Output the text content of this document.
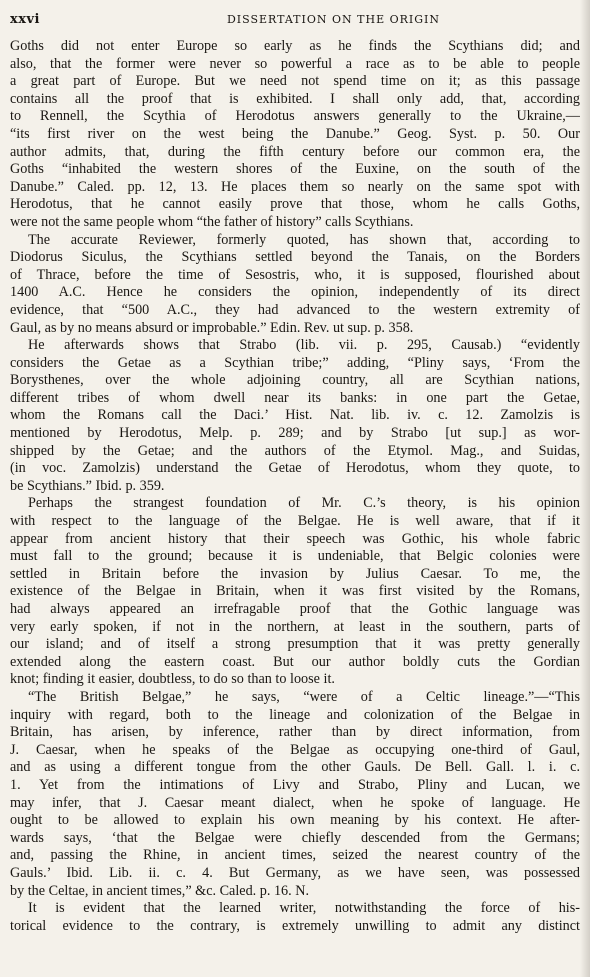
xxvi	DISSERTATION ON THE ORIGIN
Goths did not enter Europe so early as he finds the Scythians did; and
also, that the former were never so powerful a race as to be able to people
a great part of Europe. But we need not spend time on it; as this passage
contains all the proof that is exhibited. I shall only add, that, according
to Rennell, the Scythia of Herodotus answers generally to the Ukraine,—
“its first river on the west being the Danube.” Geog. Syst. p. 50. Our
author admits, that, during the fifth century before our common era, the
Goths “inhabited the western shores of the Euxine, on the south of the
Danube.” Caled. pp. 12, 13. He places them so nearly on the same spot with
Herodotus, that he cannot easily prove that those, whom he calls Goths,
were not the same people whom “the father of history” calls Scythians.
The accurate Reviewer, formerly quoted, has shown that, according to
Diodorus Siculus, the Scythians settled beyond the Tanais, on the Borders
of Thrace, before the time of Sesostris, who, it is supposed, flourished about
1400 A.C. Hence he considers the opinion, independently of its direct
evidence, that “500 A.C., they had advanced to the western extremity of
Gaul, as by no means absurd or improbable.” Edin. Rev. ut sup. p. 358.
He afterwards shows that Strabo (lib. vii. p. 295, Causab.) “evidently
considers the Getae as a Scythian tribe;” adding, “Pliny says, ‘From the
Borysthenes, over the whole adjoining country, all are Scythian nations,
different tribes of whom dwell near its banks: in one part the Getae,
whom the Romans call the Daci.’ Hist. Nat. lib. iv. c. 12. Zamolzis is
mentioned by Herodotus, Melp. p. 289; and by Strabo [ut sup.] as wor-
shipped by the Getae; and the authors of the Etymol. Mag., and Suidas,
(in voc. Zamolzis) understand the Getae of Herodotus, whom they quote, to
be Scythians.” Ibid. p. 359.
Perhaps the strangest foundation of Mr. C.’s theory, is his opinion
with respect to the language of the Belgae. He is well aware, that if it
appear from ancient history that their speech was Gothic, his whole fabric
must fall to the ground; because it is undeniable, that Belgic colonies were
settled in Britain before the invasion by Julius Caesar. To me, the
existence of the Belgae in Britain, when it was first visited by the Romans,
had always appeared an irrefragable proof that the Gothic language was
very early spoken, if not in the northern, at least in the southern, parts of
our island; and of itself a strong presumption that it was pretty generally
extended along the eastern coast. But our author boldly cuts the Gordian
knot; finding it easier, doubtless, to do so than to loose it.
“The British Belgae,” he says, “were of a Celtic lineage.”—“This
inquiry with regard, both to the lineage and colonization of the Belgae in
Britain, has arisen, by inference, rather than by direct information, from
J. Caesar, when he speaks of the Belgae as occupying one-third of Gaul,
and as using a different tongue from the other Gauls. De Bell. Gall. l. i. c.
1. Yet from the intimations of Livy and Strabo, Pliny and Lucan, we
may infer, that J. Caesar meant dialect, when he spoke of language. He
ought to be allowed to explain his own meaning by his context. He after-
wards says, ‘that the Belgae were chiefly descended from the Germans;
and, passing the Rhine, in ancient times, seized the nearest country of the
Gauls.’ Ibid. Lib. ii. c. 4. But Germany, as we have seen, was possessed
by the Celtae, in ancient times,” &c. Caled. p. 16. N.
It is evident that the learned writer, notwithstanding the force of his-
torical evidence to the contrary, is extremely unwilling to admit any distinct
